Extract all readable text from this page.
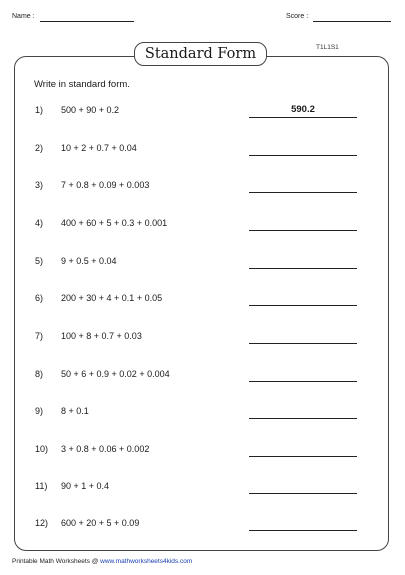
Name :	Score :
Standard Form	T1L1S1
Write in standard form.
1) 500 + 90 + 0.2	590.2
2) 10 + 2 + 0.7 + 0.04
3) 7 + 0.8 + 0.09 + 0.003
4) 400 + 60 + 5 + 0.3 + 0.001
5) 9 + 0.5 + 0.04
6) 200 + 30 + 4 + 0.1 + 0.05
7) 100 + 8 + 0.7 + 0.03
8) 50 + 6 + 0.9 + 0.02 + 0.004
9) 8 + 0.1
10) 3 + 0.8 + 0.06 + 0.002
11) 90 + 1 + 0.4
12) 600 + 20 + 5 + 0.09
Printable Math Worksheets @ www.mathworksheets4kids.com
